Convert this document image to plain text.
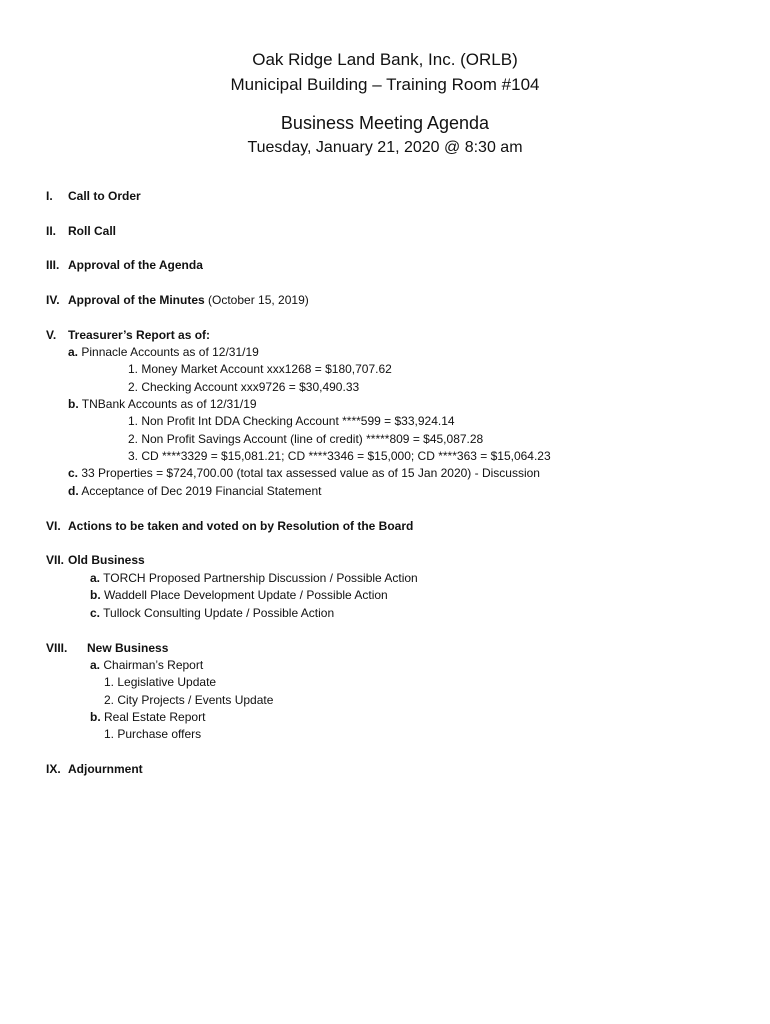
Oak Ridge Land Bank, Inc. (ORLB)
Municipal Building – Training Room #104
Business Meeting Agenda
Tuesday, January 21, 2020 @ 8:30 am
I. Call to Order
II. Roll Call
III. Approval of the Agenda
IV. Approval of the Minutes (October 15, 2019)
V. Treasurer’s Report as of:
a. Pinnacle Accounts as of 12/31/19
1. Money Market Account xxx1268 = $180,707.62
2. Checking Account xxx9726 = $30,490.33
b. TNBank Accounts as of 12/31/19
1. Non Profit Int DDA Checking Account ****599 = $33,924.14
2. Non Profit Savings Account (line of credit) *****809 = $45,087.28
3. CD ****3329 = $15,081.21; CD ****3346 = $15,000; CD ****363 = $15,064.23
c. 33 Properties = $724,700.00 (total tax assessed value as of 15 Jan 2020) - Discussion
d. Acceptance of Dec 2019 Financial Statement
VI. Actions to be taken and voted on by Resolution of the Board
VII. Old Business
a. TORCH Proposed Partnership Discussion / Possible Action
b. Waddell Place Development Update / Possible Action
c. Tullock Consulting Update / Possible Action
VIII. New Business
a. Chairman’s Report
1. Legislative Update
2. City Projects / Events Update
b. Real Estate Report
1. Purchase offers
IX. Adjournment
